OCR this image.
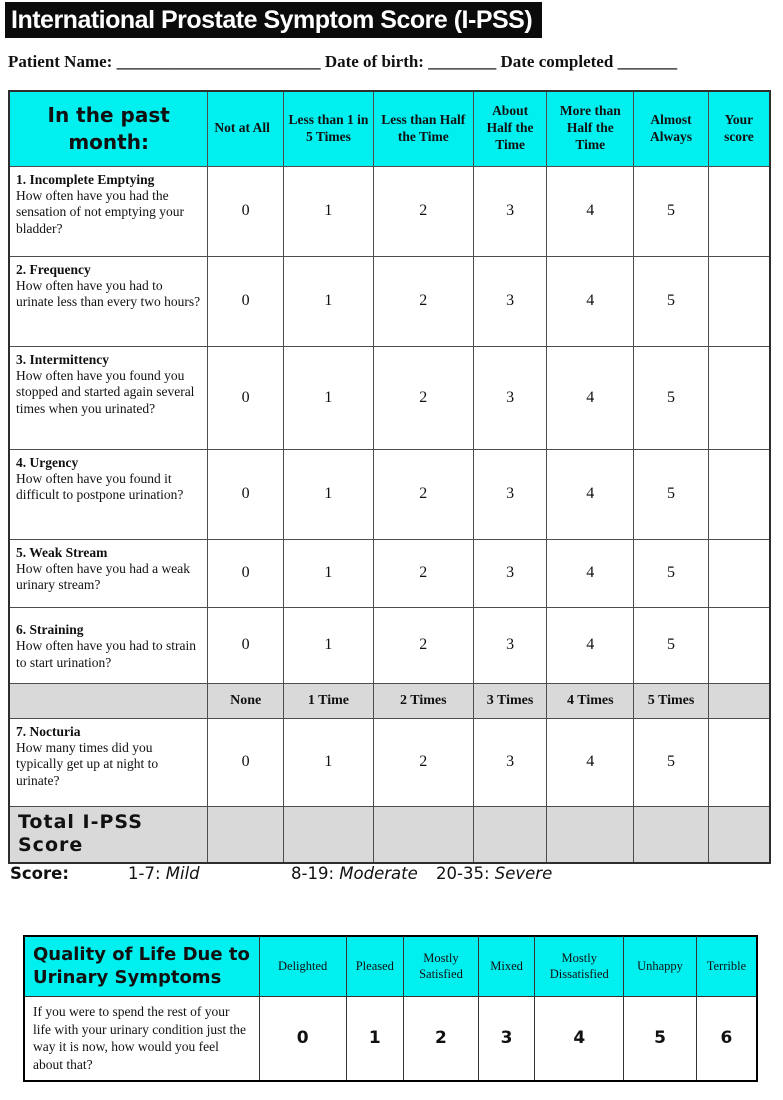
International Prostate Symptom Score (I-PSS)
Patient Name: ________________________ Date of birth: ________ Date completed _______
In the past month:	Not at All	Less than 1 in 5 Times	Less than Half the Time	About Half the Time	More than Half the Time	Almost Always	Your score
1. Incomplete Emptying
How often have you had the sensation of not emptying your bladder?	0	1	2	3	4	5	
2. Frequency
How often have you had to urinate less than every two hours?	0	1	2	3	4	5	
3. Intermittency
How often have you found you stopped and started again several times when you urinated?	0	1	2	3	4	5	
4. Urgency
How often have you found it difficult to postpone urination?	0	1	2	3	4	5	
5. Weak Stream
How often have you had a weak urinary stream?	0	1	2	3	4	5	
6. Straining
How often have you had to strain to start urination?	0	1	2	3	4	5	
	None	1 Time	2 Times	3 Times	4 Times	5 Times	
7. Nocturia
How many times did you typically get up at night to urinate?	0	1	2	3	4	5	
Total I-PSS Score							
Score:	1-7: Mild	8-19: Moderate 20-35: Severe
Quality of Life Due to Urinary Symptoms	Delighted	Pleased	Mostly Satisfied	Mixed	Mostly Dissatisfied	Unhappy	Terrible
If you were to spend the rest of your life with your urinary condition just the way it is now, how would you feel about that?	0	1	2	3	4	5	6
